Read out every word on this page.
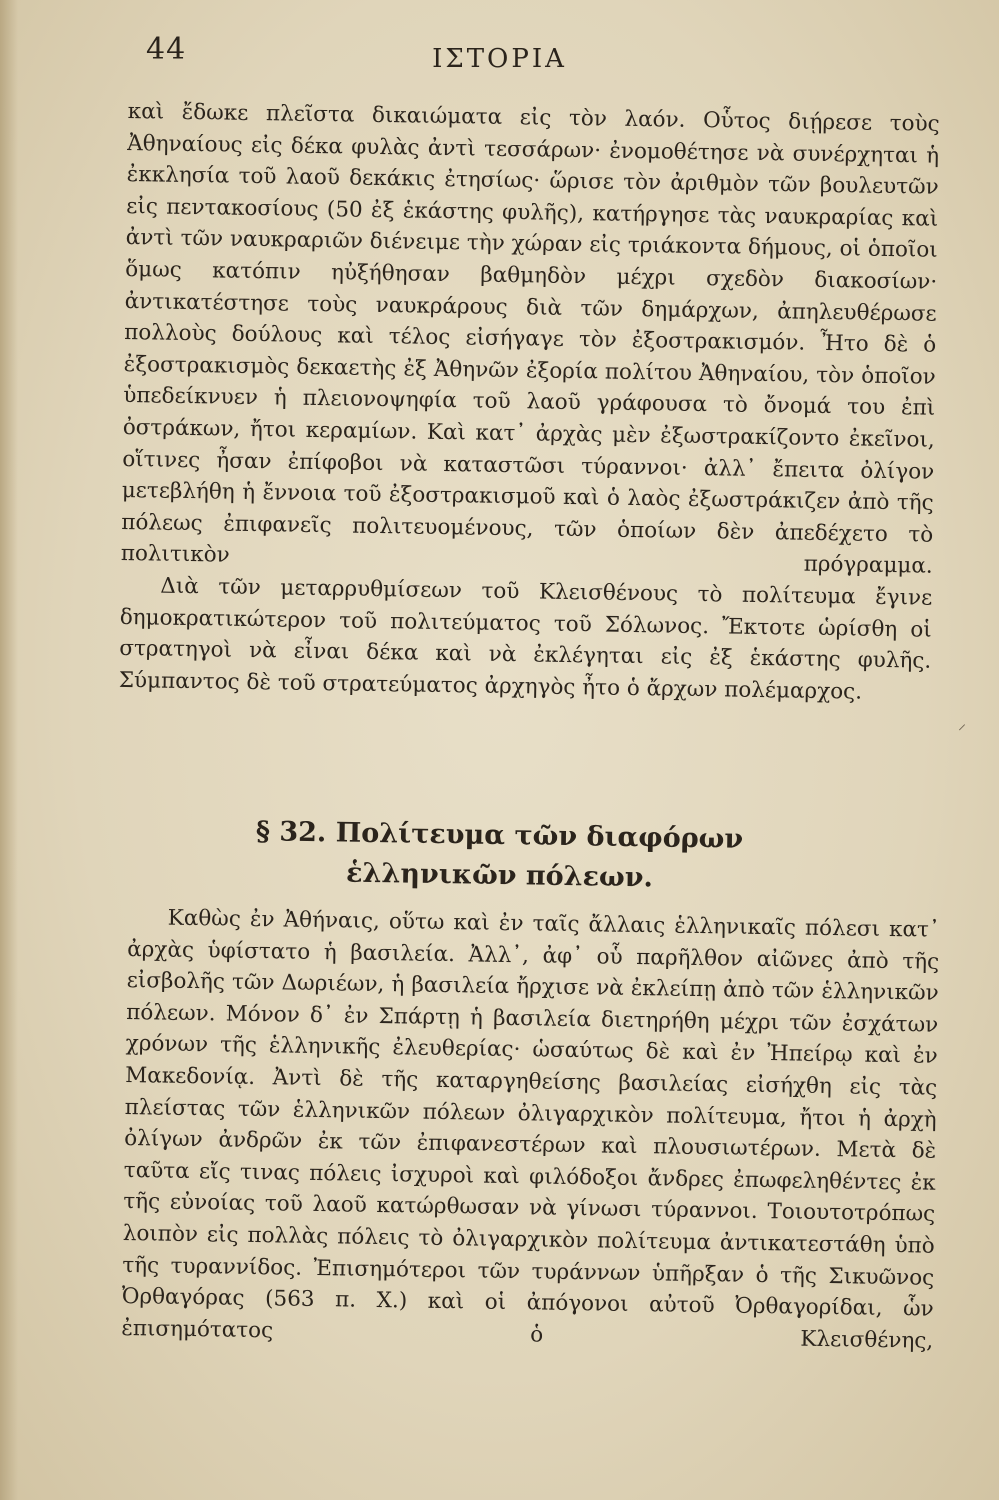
44	ΙΣΤΟΡΙΑ

καὶ ἔδωκε πλεῖστα δικαιώματα εἰς τὸν λαόν. Οὗτος διῄρεσε τοὺς Ἀθηναίους εἰς δέκα φυλὰς ἀντὶ τεσσάρων· ἐνομοθέτησε νὰ συνέρχηται ἡ ἐκκλησία τοῦ λαοῦ δεκάκις ἐτησίως· ὥρισε τὸν ἀριθμὸν τῶν βουλευτῶν εἰς πεντακοσίους (50 ἐξ ἑκάστης φυλῆς), κατήργησε τὰς ναυκραρίας καὶ ἀντὶ τῶν ναυκραριῶν διένειμε τὴν χώραν εἰς τριάκοντα δήμους, οἱ ὁποῖοι ὅμως κατόπιν ηὐξήθησαν βαθμηδὸν μέχρι σχεδὸν διακοσίων· ἀντικατέστησε τοὺς ναυκράρους διὰ τῶν δημάρχων, ἀπηλευθέρωσε πολλοὺς δούλους καὶ τέλος εἰσήγαγε τὸν ἐξοστρακισμόν. Ἦτο δὲ ὁ ἐξοστρακισμὸς δεκαετὴς ἐξ Ἀθηνῶν ἐξορία πολίτου Ἀθηναίου, τὸν ὁποῖον ὑπεδείκνυεν ἡ πλειονοψηφία τοῦ λαοῦ γράφουσα τὸ ὄνομά του ἐπὶ ὀστράκων, ἤτοι κεραμίων. Καὶ κατ᾽ ἀρχὰς μὲν ἐξωστρακίζοντο ἐκεῖνοι, οἵτινες ἦσαν ἐπίφοβοι νὰ καταστῶσι τύραννοι· ἀλλ᾽ ἔπειτα ὀλίγον μετεβλήθη ἡ ἔννοια τοῦ ἐξοστρακισμοῦ καὶ ὁ λαὸς ἐξωστράκιζεν ἀπὸ τῆς πόλεως ἐπιφανεῖς πολιτευομένους, τῶν ὁποίων δὲν ἀπεδέχετο τὸ πολιτικὸν πρόγραμμα.

Διὰ τῶν μεταρρυθμίσεων τοῦ Κλεισθένους τὸ πολίτευμα ἔγινε δημοκρατικώτερον τοῦ πολιτεύματος τοῦ Σόλωνος. Ἔκτοτε ὡρίσθη οἱ στρατηγοὶ νὰ εἶναι δέκα καὶ νὰ ἐκλέγηται εἰς ἐξ ἑκάστης φυλῆς. Σύμπαντος δὲ τοῦ στρατεύματος ἀρχηγὸς ἦτο ὁ ἄρχων πολέμαρχος.

§ 32. Πολίτευμα τῶν διαφόρων
ἑλληνικῶν πόλεων.

Καθὼς ἐν Ἀθήναις, οὕτω καὶ ἐν ταῖς ἄλλαις ἑλληνικαῖς πόλεσι κατ᾽ ἀρχὰς ὑφίστατο ἡ βασιλεία. Ἀλλ᾽, ἀφ᾽ οὗ παρῆλθον αἰῶνες ἀπὸ τῆς εἰσβολῆς τῶν Δωριέων, ἡ βασιλεία ἤρχισε νὰ ἐκλείπῃ ἀπὸ τῶν ἑλληνικῶν πόλεων. Μόνον δ᾽ ἐν Σπάρτῃ ἡ βασιλεία διετηρήθη μέχρι τῶν ἐσχάτων χρόνων τῆς ἑλληνικῆς ἐλευθερίας· ὡσαύτως δὲ καὶ ἐν Ἠπείρῳ καὶ ἐν Μακεδονίᾳ. Ἀντὶ δὲ τῆς καταργηθείσης βασιλείας εἰσήχθη εἰς τὰς πλείστας τῶν ἑλληνικῶν πόλεων ὀλιγαρχικὸν πολίτευμα, ἤτοι ἡ ἀρχὴ ὀλίγων ἀνδρῶν ἐκ τῶν ἐπιφανεστέρων καὶ πλουσιωτέρων. Μετὰ δὲ ταῦτα εἴς τινας πόλεις ἰσχυροὶ καὶ φιλόδοξοι ἄνδρες ἐπωφεληθέντες ἐκ τῆς εὐνοίας τοῦ λαοῦ κατώρθωσαν νὰ γίνωσι τύραννοι. Τοιουτοτρόπως λοιπὸν εἰς πολλὰς πόλεις τὸ ὀλιγαρχικὸν πολίτευμα ἀντικατεστάθη ὑπὸ τῆς τυραννίδος. Ἐπισημότεροι τῶν τυράννων ὑπῆρξαν ὁ τῆς Σικυῶνος Ὀρθαγόρας (563 π. Χ.) καὶ οἱ ἀπόγονοι αὐτοῦ Ὀρθαγορίδαι, ὧν ἐπισημότατος ὁ Κλεισθένης,

⸝
